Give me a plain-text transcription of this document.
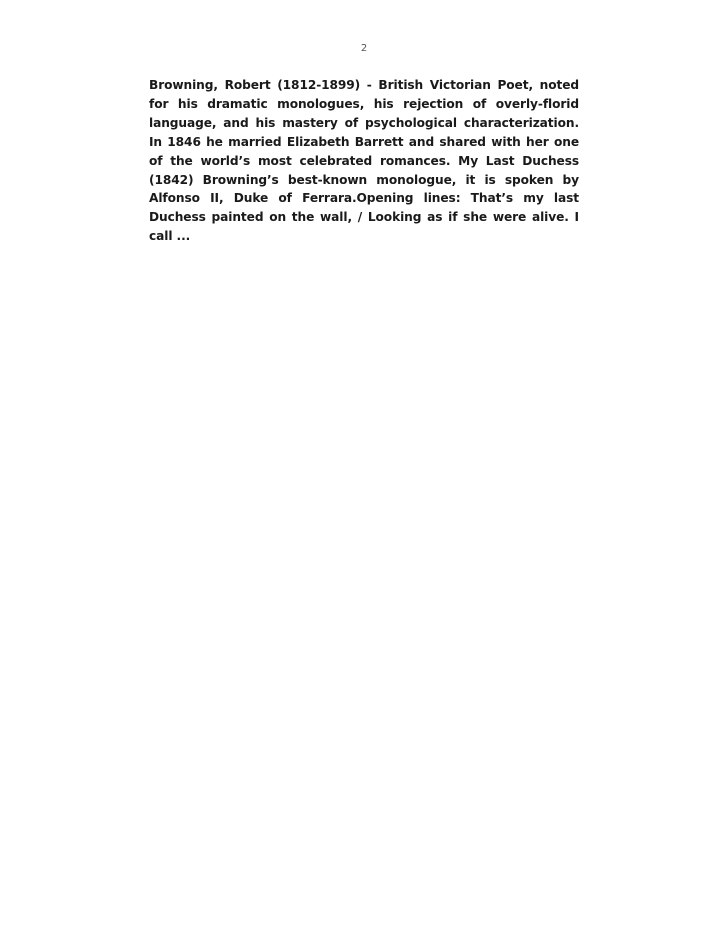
2

Browning, Robert (1812-1899) - British Victorian Poet, noted for his dramatic monologues, his rejection of overly-florid language, and his mastery of psychological characterization. In 1846 he married Elizabeth Barrett and shared with her one of the world’s most celebrated romances. My Last Duchess (1842) Browning’s best-known monologue, it is spoken by Alfonso II, Duke of Ferrara.Opening lines: That’s my last Duchess painted on the wall, / Looking as if she were alive. I call ...
